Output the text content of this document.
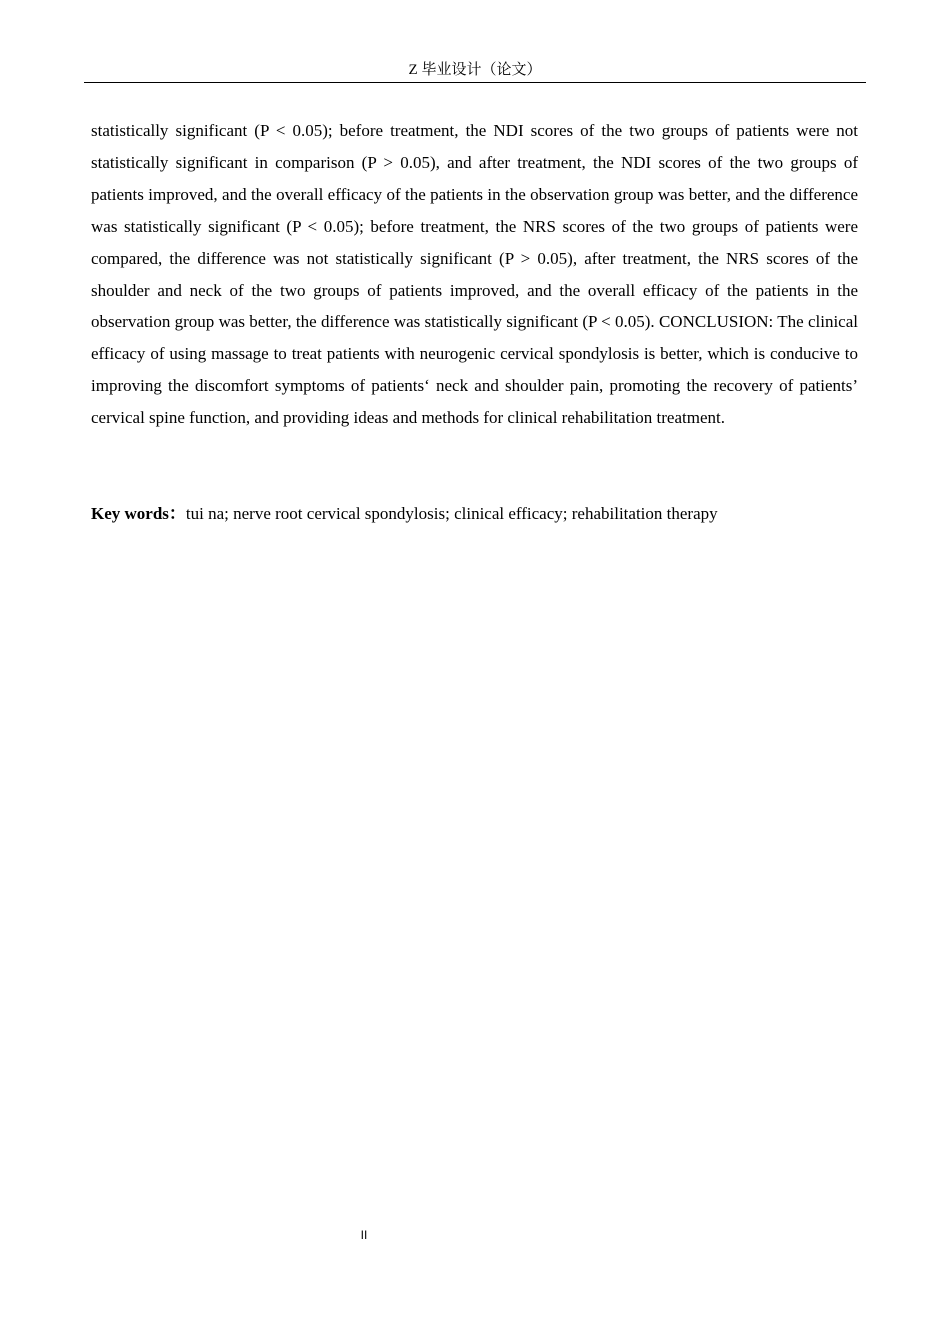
Z 毕业设计（论文）

statistically significant (P < 0.05); before treatment, the NDI scores of the two groups of patients were not statistically significant in comparison (P > 0.05), and after treatment, the NDI scores of the two groups of patients improved, and the overall efficacy of the patients in the observation group was better, and the difference was statistically significant (P < 0.05); before treatment, the NRS scores of the two groups of patients were compared, the difference was not statistically significant (P > 0.05), after treatment, the NRS scores of the shoulder and neck of the two groups of patients improved, and the overall efficacy of the patients in the observation group was better, the difference was statistically significant (P < 0.05). CONCLUSION: The clinical efficacy of using massage to treat patients with neurogenic cervical spondylosis is better, which is conducive to improving the discomfort symptoms of patients‘ neck and shoulder pain, promoting the recovery of patients’ cervical spine function, and providing ideas and methods for clinical rehabilitation treatment.

Key words：tui na; nerve root cervical spondylosis; clinical efficacy; rehabilitation therapy

II
